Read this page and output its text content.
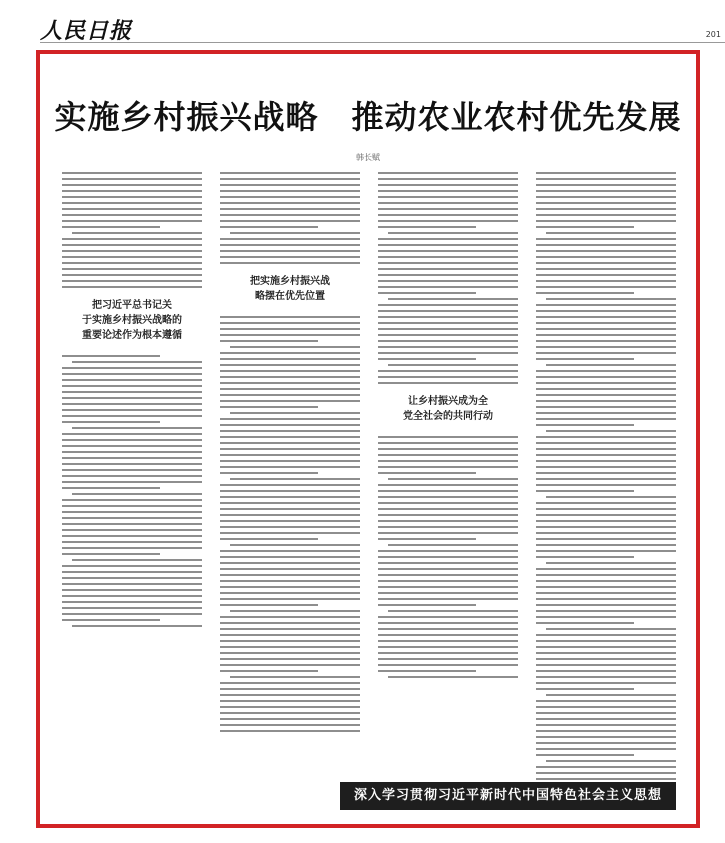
人民日报	201
实施乡村振兴战略　推动农业农村优先发展
韩长赋
把习近平总书记关
于实施乡村振兴战略的
重要论述作为根本遵循
把实施乡村振兴战
略摆在优先位置
让乡村振兴成为全
党全社会的共同行动
深入学习贯彻习近平新时代中国特色社会主义思想
